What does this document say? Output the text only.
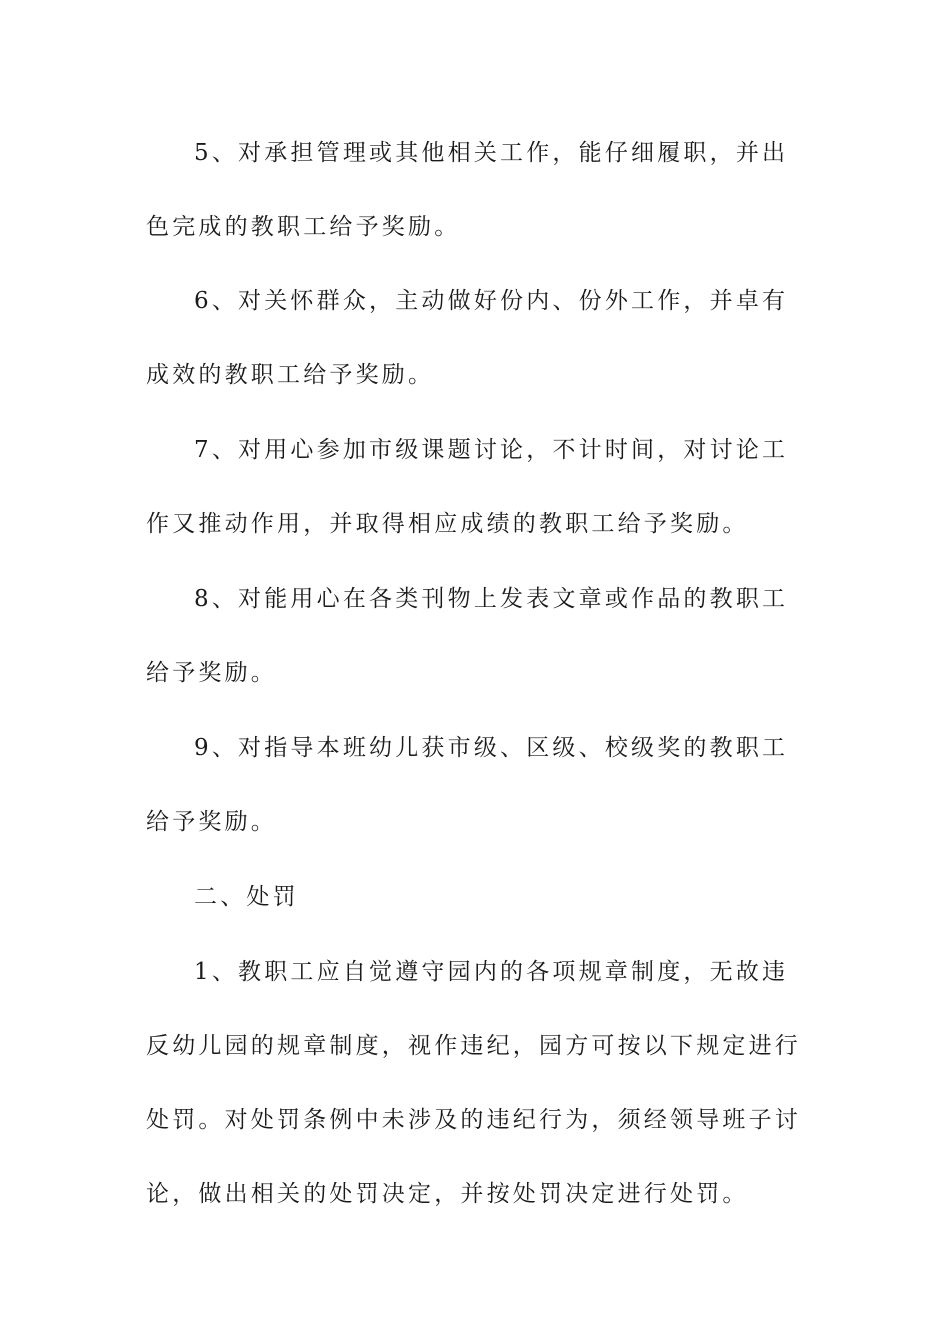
5、对承担管理或其他相关工作，能仔细履职，并出色完成的教职工给予奖励。

6、对关怀群众，主动做好份内、份外工作，并卓有成效的教职工给予奖励。

7、对用心参加市级课题讨论，不计时间，对讨论工作又推动作用，并取得相应成绩的教职工给予奖励。

8、对能用心在各类刊物上发表文章或作品的教职工给予奖励。

9、对指导本班幼儿获市级、区级、校级奖的教职工给予奖励。

二、处罚

1、教职工应自觉遵守园内的各项规章制度，无故违反幼儿园的规章制度，视作违纪，园方可按以下规定进行处罚。对处罚条例中未涉及的违纪行为，须经领导班子讨论，做出相关的处罚决定，并按处罚决定进行处罚。
